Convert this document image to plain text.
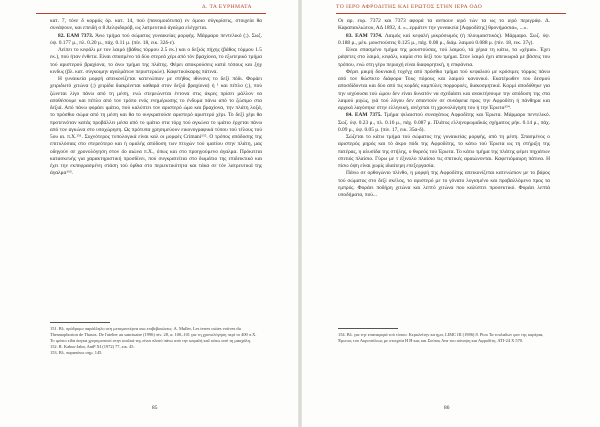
Δ. ΤΑ ΕΥΡΗΜΑΤΑ

κατ. 7, τόνε δ κορμός όρ. κατ. 14, πού (πανομοιότυπα) εν όμοιο σύγκρίσεις, στοιχεία θα συνάψουν, και επειδή ο 8 Δελφιδορόβ, ως λατρευτικό άγαλμα ελέγχεται.

82. EAM 7373. Άνω τμήμα τού σώματος γυναικείας μορφής. Μάρμαρο πεντελικό (;). Σωζ. ύψ. 0.177 μ., πλ. 0.20 μ., πάχ. 0.11 μ. (πίν. 18, εικ. 32δ-ε).

Λείπει το κεφάλι με τον λαιμό (βάθος τόρμου 2.5 εκ.) και ο δεξιός πήχης (βάθος τόρμου 1.5 εκ.), πού ήταν ένθετα. Είναι σπασμένο τά δύο στερεά χέρι από τόν βραχίονα, το εξωτερικό τμήμα τού αριστερού βραχίονα, το άνω τμήμα της πλάτης. Φέρει αποκρούσεις κατά τόπους και ξηγ κινδυς (βλ. κατ. σύγκοιμην αγαλμάτων περιστεριών). Καφετικόκαρης πάτινα.

Η γυναικεία μορφή απεικονίζεται κατενώπιον με στήθος ιθύνονς το δεξί πόδι. Φοράει χειριδωτό χιτώνα (;) χειρίδα διακρίνεται καθαρά στον δεξιό βραχίονα) ή ¹ και πέπλο (;), πού ζώνεται λίγο πάνω από τη μέση, ενώ στερεώνεται έντονα στις άκρες πρίσει μάλλον να αποθέσουμε και πέπλο από τον τρόπο ενός ενημέρωσης το ένδυμα πάνω από το ζώσιμο στα δεξιά. Από πάνω φοράει ιμάτιο, πού καλύπτει τον αριστερό ώμο και βραχίονα, την πλάτη λοξά, το πρόσθιο σώμα από τη μέση και θα το ουγκρατούσε αριστερό αριστερό χέρι. Το δεξί χέρι θα προτεινόταν κατάς προβάλλει μέσα από το ιμάτιο στα τόρχ τού αγκώνα το ιμάτιο έρχεται πάνω από τον αγκώνα στο υποχώρηση. Ως πρότυπα χρησιμεύουν εικονογραφικά τύπου τού τέλους τού 5ου αι. π.Χ.¹⁵¹. Συχνότερος τυπολογικά είναι καλ οι μορφές Crimani¹⁵². Ο τρόπος απόδοσης της επιτυλόσιας στο στερεότερο και ή ομαλής απόδοση των πτυχών τού ιματίου στην πλάτη, μας οδηγούν σε χρονολόγηση στον 4ο αιώνα π.Χ., όπως και στο προηγούμενο άγαλμα. Πρόκειται κατασκευής για χαρακτηριστική προσδίνει, πού συγκρατείται στο δωμάτιο της επιδεικτικό και έχει την εκπεφρασμένη στάση τού όρθια στο περιεκτικότητα και τάκα σε τόν λατρευτικά της άγαλμα¹⁵³.

151. Βλ. πρόδρομο παράλληλο στη μεταμοντέρνα αιω επιβεβαιώνεις: A. Muller, Les terres cuites votives du Thesmophorion de Thasos. De l'atelier au sanctuaire (1996) πίν. 28, α. 100–101 για τη χρονολόγηση περί το 400 π.Χ. Το ιμάτιο είδα άσγκα χρησιμοποιεί στην καιλκά της είναι πλατύ πάνω από την κεφαλή καλ κάτω από τη μασχάλη.

152. R. Kabus-Jahn, AntP XI (1972) 77, εικ. 45.

153. Βλ. παραπάνω σημ. 145.

85
ΤΟ ΙΕΡΟ ΑΦΡΟΔΙΤΗΣ ΚΑΙ ΕΡΩΤΟΣ ΣΤΗΝ ΙΕΡΑ ΟΔΟ

Οι αρ. ευρ. 7372 και 7373 αφορά τα ανπιουν ιερό τών τα ως το ιερό περιγράφ. Δ. Καραπαυλιώτου, ΑΔ 1892, 4. «...ερμάτεν την γυναικεία [Αφροδίτης] θρονήμασια», ...».

83. EAM 7374. Λαιμός καί κεφαλή μικρόσωμός (ή πλουμαιστικός). Μάρμαρο. Σωζ. ύψ. 0.188 μ., μέκ. μουστούσεις 0.125 μ., πάχ. 0.08 μ., διάμ. λαιμού 0.088 μ. (πίν. 18, εικ. 37γ).

Είναι σπασμένο τμήμα της μουστούσας, τού λαιμού, τά χέρια τη κάτω, τα «χέρια». Έχει ράψετες στο λαιμό, κεφάλι, καμία στο δεξί του τμήμα. Στον λαιμό έχει απεικωριά με βάσεις του τρόπου, ενώ στη γέρυ περιοχή είναι διαφορητική, η επιφάνεια.

Φέρει μικρή δοκνιακή τοχέγχ από πρόσθιο τμήμα τού κεφαλιού με κρόσιμες τόρμος πάνω από τον θώστκτο διάφορα Τους πόρους και λαιμού κανονικό. Εκατέρωθεν του δεσμού αποσδίδονται και δύο από τις κορδές καμπύλες πορροροές, διακοσμητικά. Κορμί αποδόθηκε για την ισχύουσα τού ώμου δεν είναι δυνατόν να σχεδιάσει και ανακτήσουμε την απόδοση της στα λαιμού ριγώς, γιά τού λόγου δεν απαντούν σε συνάφεια προς την Αφροδίτη ή πάνθηρα και αρχικά λαγόσηκε στην ελληνική, ανέχεται τη χρονολόγηση του ή την Έρωτα¹⁵⁴.

84. EAM 7375. Τμήμα ψιλαιστού συναγάτως Αφροδίτης και Έρωτα. Μάρμαρο πεντελικό. Σωζ. ύψ. 0.23 μ., πλ. 0.16 μ., πάχ. 0.087 μ. Πλάτος ελληνορωμαϊκός σχήματος μήκ. 0.14 μ., πάχ. 0.09 μ., ύψ. 0.05 μ. (πίν. 17, εικ. 35α-δ).

Σώζεται το κάτω τμήμα τού σώματος της γυναικείας μορφής, από τη μέση. Σπασμένος ο αριστερός μηρός και τό άκρο πόδι της Αφροδίτης, το κάτω τού Έρωτα ως τη στήριξη της πατέρας, η αλυσίδα της στήλης, ο θυρεός τού Έρωτα. Το κάτω τμήμα της πλάτης φέρει πηχιάτων σπιτιός πλαίσιο. Γύρω με τ έξινολο πλαίσιο τις σπιτικές αραιώνονται. Καφετιόμαυρη πάτινα. Η πίσω όψη είναι χωρίς ιδιαίτερη επεξεργασία.

Πάνω σε ορθογώνιο πλίνθο, η μορφή της Αφροδίτης απεικονίζεται κατενώπιον με το βάρος τού σώματος στο δεξί σκέλος, το αριστερό με το γόνατο λυγισμένο και προβαλλόμενο προς τα εμπρός. Φοράει ποδήρη χιτώνα και λεπτό χιτώνα που καλύπτει προσεκτικό. Φοράει λεπτά υποδήματα, πού...

154. Βλ. για την επαναφορά τού τύπου: Κερκλείτην κα ημπ, LIMC III (1986) 8. Ρίου Τα τουλαδων φον της καρέρια, Έρωτος του Ακροπόλεως με στοιχεία Η Η κας και Σούτας Ανα του σύνοψη και Αφροδίτη. ΑΤΙ-24 Χ 570.

86
